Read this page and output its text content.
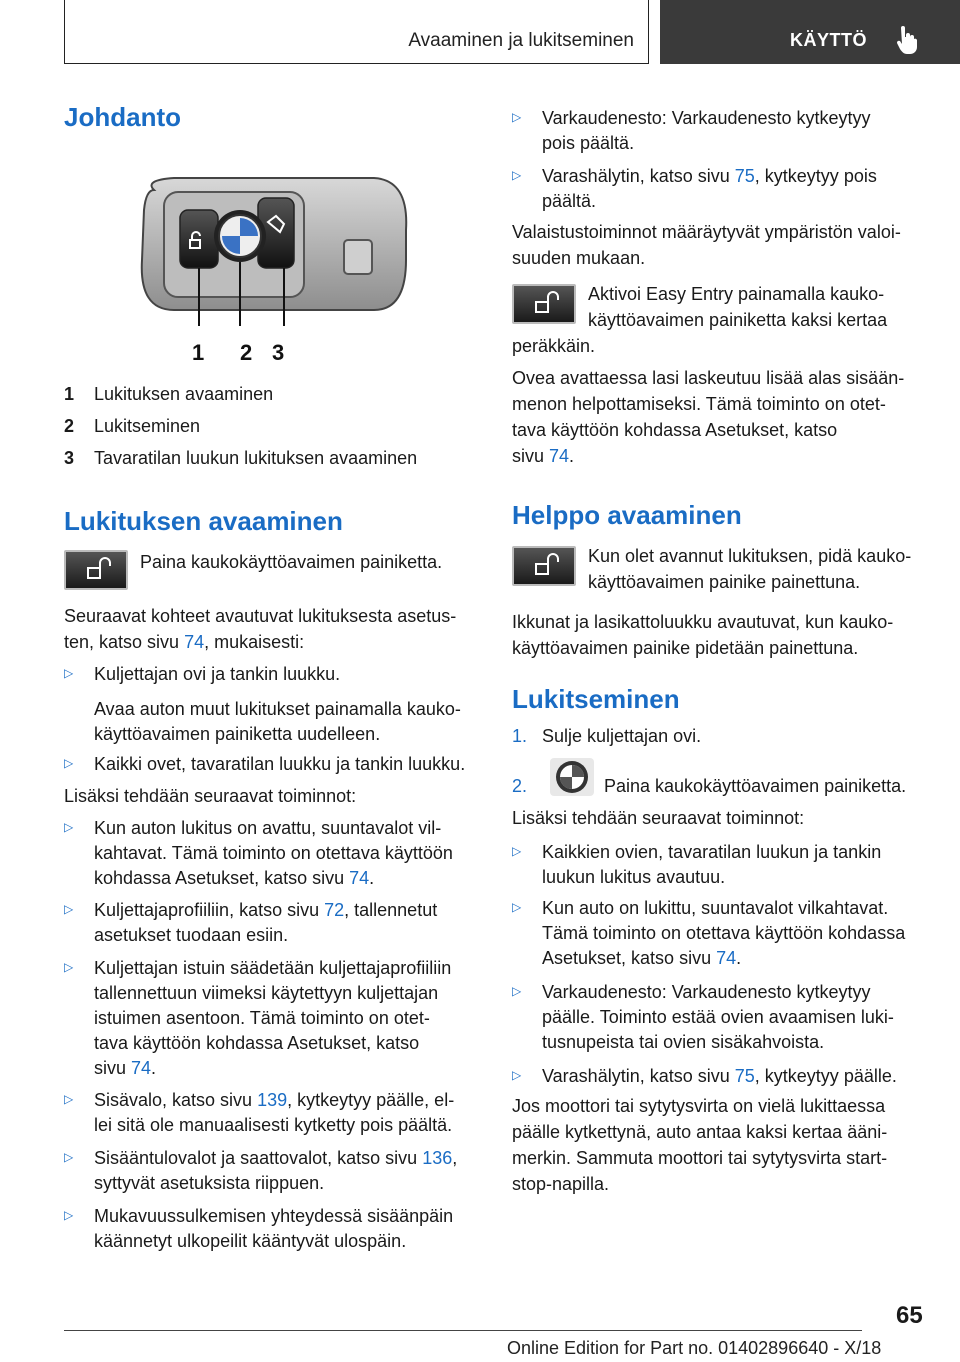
Avaaminen ja lukitseminen	KÄYTTÖ
Johdanto
1 2 3
1 Lukituksen avaaminen
2 Lukitseminen
3 Tavaratilan luukun lukituksen avaaminen
Lukituksen avaaminen

Paina kaukokäyttöavaimen painiketta.

Seuraavat kohteet avautuvat lukituksesta asetus-

ten, katso sivu 74, mukaisesti:

▷ Kuljettajan ovi ja tankin luukku.

Avaa auton muut lukitukset painamalla kauko-

käyttöavaimen painiketta uudelleen.

▷ Kaikki ovet, tavaratilan luukku ja tankin luukku.

Lisäksi tehdään seuraavat toiminnot:

▷ Kun auton lukitus on avattu, suuntavalot vil-

kahtavat. Tämä toiminto on otettava käyttöön

kohdassa Asetukset, katso sivu 74.

▷ Kuljettajaprofiiliin, katso sivu 72, tallennetut

asetukset tuodaan esiin.

▷ Kuljettajan istuin säädetään kuljettajaprofiiliin

tallennettuun viimeksi käytettyyn kuljettajan

istuimen asentoon. Tämä toiminto on otet-

tava käyttöön kohdassa Asetukset, katso

sivu 74.

▷ Sisävalo, katso sivu 139, kytkeytyy päälle, el-

lei sitä ole manuaalisesti kytketty pois päältä.

▷ Sisääntulovalot ja saattovalot, katso sivu 136,

syttyvät asetuksista riippuen.

▷ Mukavuussulkemisen yhteydessä sisäänpäin

käännetyt ulkopeilit kääntyvät ulospäin.

▷ Varkaudenesto: Varkaudenesto kytkeytyy

pois päältä.

▷ Varashälytin, katso sivu 75, kytkeytyy pois

päältä.

Valaistustoiminnot määräytyvät ympäristön valoi-

suuden mukaan.

Aktivoi Easy Entry painamalla kauko-

käyttöavaimen painiketta kaksi kertaa

peräkkäin.

Ovea avattaessa lasi laskeutuu lisää alas sisään-

menon helpottamiseksi. Tämä toiminto on otet-

tava käyttöön kohdassa Asetukset, katso

sivu 74.

Helppo avaaminen

Kun olet avannut lukituksen, pidä kauko-

käyttöavaimen painike painettuna.

Ikkunat ja lasikattoluukku avautuvat, kun kauko-

käyttöavaimen painike pidetään painettuna.

Lukitseminen

1. Sulje kuljettajan ovi.

2.	Paina kaukokäyttöavaimen painiketta.

Lisäksi tehdään seuraavat toiminnot:

▷ Kaikkien ovien, tavaratilan luukun ja tankin

luukun lukitus avautuu.

▷ Kun auto on lukittu, suuntavalot vilkahtavat.

Tämä toiminto on otettava käyttöön kohdassa

Asetukset, katso sivu 74.

▷ Varkaudenesto: Varkaudenesto kytkeytyy

päälle. Toiminto estää ovien avaamisen luki-

tusnupeista tai ovien sisäkahvoista.

▷ Varashälytin, katso sivu 75, kytkeytyy päälle.

Jos moottori tai sytytysvirta on vielä lukittaessa

päälle kytkettynä, auto antaa kaksi kertaa ääni-

merkin. Sammuta moottori tai sytytysvirta start-

stop-napilla.

65
Online Edition for Part no. 01402896640 - X/18
